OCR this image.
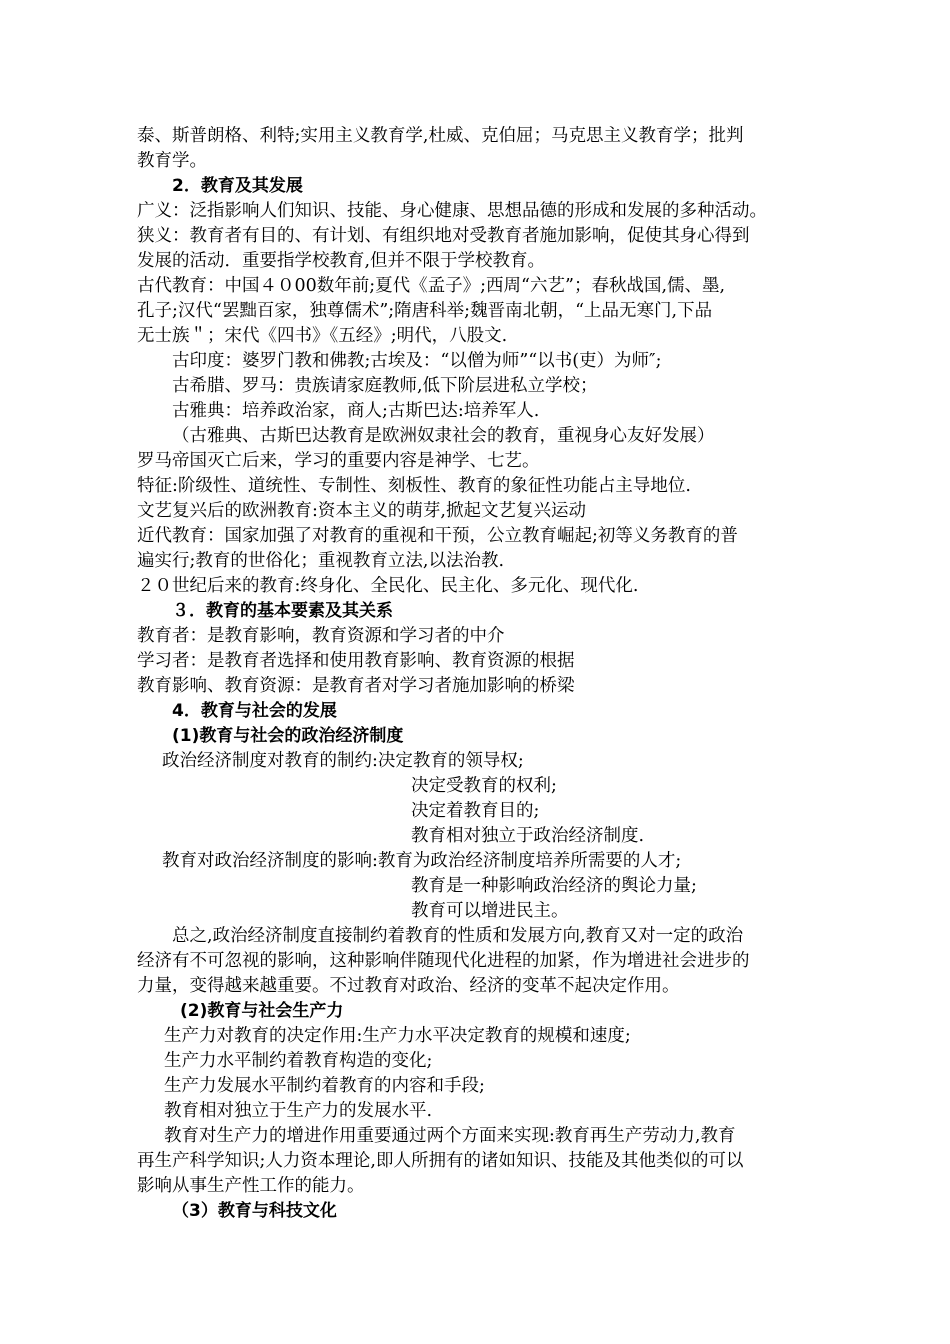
泰、斯普朗格、利特;实用主义教育学,杜威、克伯屈；马克思主义教育学；批判
教育学。
2．教育及其发展
广义：泛指影响人们知识、技能、身心健康、思想品德的形成和发展的多种活动。
狭义：教育者有目的、有计划、有组织地对受教育者施加影响，促使其身心得到
发展的活动．重要指学校教育,但并不限于学校教育。
古代教育：中国４０00数年前;夏代《孟子》;西周“六艺”；春秋战国,儒、墨,
孔子;汉代“罢黜百家，独尊儒术”;隋唐科举;魏晋南北朝，“上品无寒门,下品
无士族＂；宋代《四书》《五经》;明代，八股文.
古印度：婆罗门教和佛教;古埃及：“以僧为师”“以书(吏）为师″;
古希腊、罗马：贵族请家庭教师,低下阶层进私立学校；
古雅典：培养政治家，商人;古斯巴达:培养军人.
（古雅典、古斯巴达教育是欧洲奴隶社会的教育，重视身心友好发展）
罗马帝国灭亡后来，学习的重要内容是神学、七艺。
特征:阶级性、道统性、专制性、刻板性、教育的象征性功能占主导地位.
文艺复兴后的欧洲教育:资本主义的萌芽,掀起文艺复兴运动
近代教育：国家加强了对教育的重视和干预，公立教育崛起;初等义务教育的普
遍实行;教育的世俗化；重视教育立法,以法治教.
２０世纪后来的教育:终身化、全民化、民主化、多元化、现代化.
３．教育的基本要素及其关系
教育者：是教育影响，教育资源和学习者的中介
学习者：是教育者选择和使用教育影响、教育资源的根据
教育影响、教育资源：是教育者对学习者施加影响的桥梁
4．教育与社会的发展
(1)教育与社会的政治经济制度
政治经济制度对教育的制约:决定教育的领导权;
决定受教育的权利;
决定着教育目的;
教育相对独立于政治经济制度.
教育对政治经济制度的影响:教育为政治经济制度培养所需要的人才;
教育是一种影响政治经济的舆论力量;
教育可以增进民主。
总之,政治经济制度直接制约着教育的性质和发展方向,教育又对一定的政治
经济有不可忽视的影响，这种影响伴随现代化进程的加紧，作为增进社会进步的
力量，变得越来越重要。不过教育对政治、经济的变革不起决定作用。
(2)教育与社会生产力
生产力对教育的决定作用:生产力水平决定教育的规模和速度;
生产力水平制约着教育构造的变化;
生产力发展水平制约着教育的内容和手段;
教育相对独立于生产力的发展水平.
教育对生产力的增进作用重要通过两个方面来实现:教育再生产劳动力,教育
再生产科学知识;人力资本理论,即人所拥有的诸如知识、技能及其他类似的可以
影响从事生产性工作的能力。
（3）教育与科技文化
